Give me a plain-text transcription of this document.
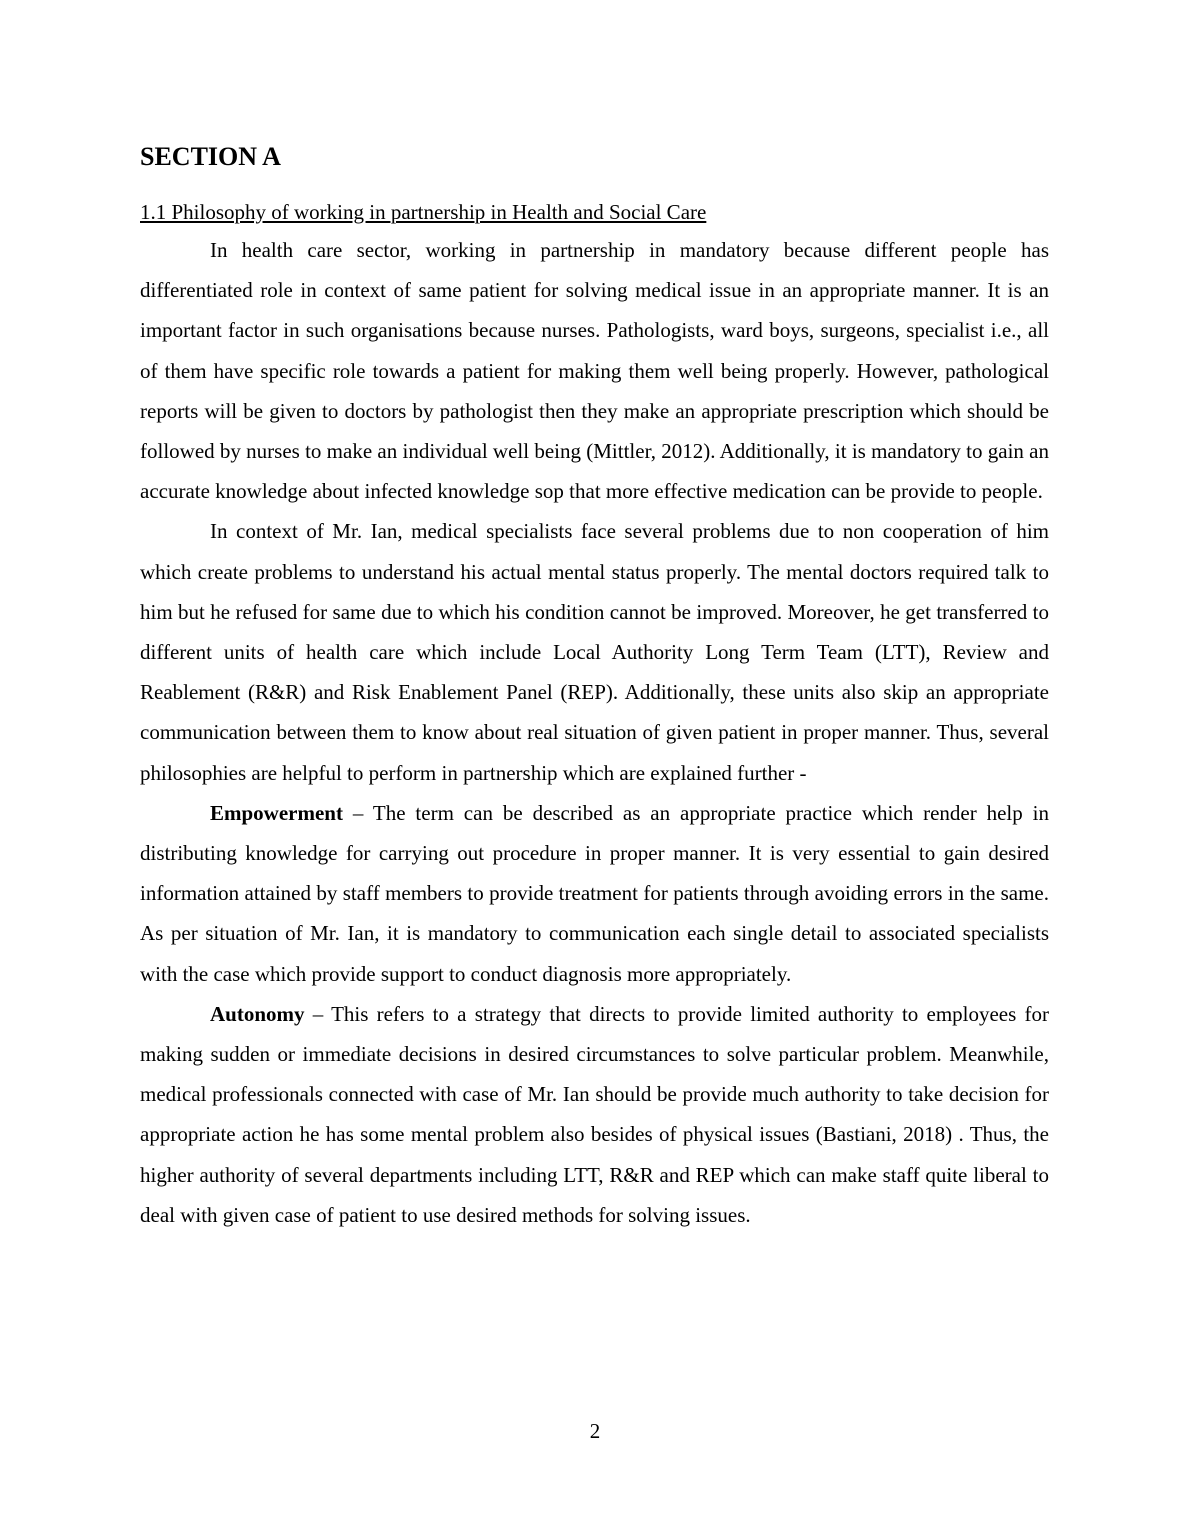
SECTION A

1.1 Philosophy of working in partnership in Health and Social Care

In health care sector, working in partnership in mandatory because different people has differentiated role in context of same patient for solving medical issue in an appropriate manner. It is an important factor in such organisations because nurses. Pathologists, ward boys, surgeons, specialist i.e., all of them have specific role towards a patient for making them well being properly. However, pathological reports will be given to doctors by pathologist then they make an appropriate prescription which should be followed by nurses to make an individual well being (Mittler, 2012). Additionally, it is mandatory to gain an accurate knowledge about infected knowledge sop that more effective medication can be provide to people.

In context of Mr. Ian, medical specialists face several problems due to non cooperation of him which create problems to understand his actual mental status properly. The mental doctors required talk to him but he refused for same due to which his condition cannot be improved. Moreover, he get transferred to different units of health care which include Local Authority Long Term Team (LTT), Review and Reablement (R&R) and Risk Enablement Panel (REP). Additionally, these units also skip an appropriate communication between them to know about real situation of given patient in proper manner. Thus, several philosophies are helpful to perform in partnership which are explained further -

Empowerment – The term can be described as an appropriate practice which render help in distributing knowledge for carrying out procedure in proper manner. It is very essential to gain desired information attained by staff members to provide treatment for patients through avoiding errors in the same. As per situation of Mr. Ian, it is mandatory to communication each single detail to associated specialists with the case which provide support to conduct diagnosis more appropriately.

Autonomy – This refers to a strategy that directs to provide limited authority to employees for making sudden or immediate decisions in desired circumstances to solve particular problem. Meanwhile, medical professionals connected with case of Mr. Ian should be provide much authority to take decision for appropriate action he has some mental problem also besides of physical issues (Bastiani, 2018) . Thus, the higher authority of several departments including LTT, R&R and REP which can make staff quite liberal to deal with given case of patient to use desired methods for solving issues.

2
